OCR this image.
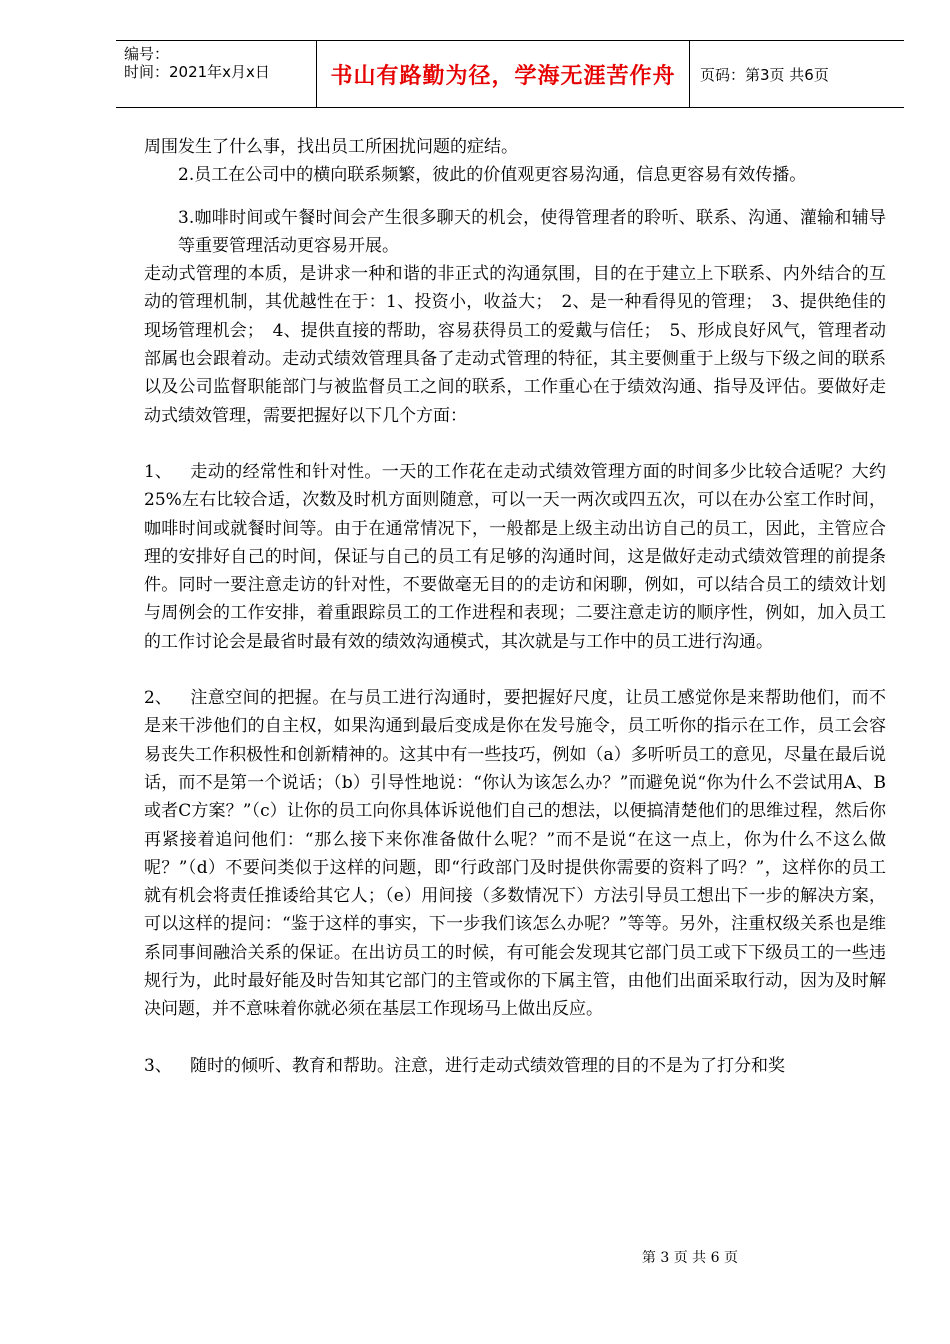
编号：
时间：2021年x月x日	书山有路勤为径，学海无涯苦作舟 页码：第3页 共6页

周围发生了什么事，找出员工所困扰问题的症结。

2.员工在公司中的横向联系频繁，彼此的价值观更容易沟通，信息更容易有效传播。

3.咖啡时间或午餐时间会产生很多聊天的机会，使得管理者的聆听、联系、沟通、灌输和辅导等重要管理活动更容易开展。

走动式管理的本质，是讲求一种和谐的非正式的沟通氛围，目的在于建立上下联系、内外结合的互动的管理机制，其优越性在于：1、投资小，收益大；　2、是一种看得见的管理；　3、提供绝佳的现场管理机会；　4、提供直接的帮助，容易获得员工的爱戴与信任；　5、形成良好风气，管理者动部属也会跟着动。走动式绩效管理具备了走动式管理的特征，其主要侧重于上级与下级之间的联系以及公司监督职能部门与被监督员工之间的联系，工作重心在于绩效沟通、指导及评估。要做好走动式绩效管理，需要把握好以下几个方面：

1、 走动的经常性和针对性。一天的工作花在走动式绩效管理方面的时间多少比较合适呢？大约25%左右比较合适，次数及时机方面则随意，可以一天一两次或四五次，可以在办公室工作时间，咖啡时间或就餐时间等。由于在通常情况下，一般都是上级主动出访自己的员工，因此，主管应合理的安排好自己的时间，保证与自己的员工有足够的沟通时间，这是做好走动式绩效管理的前提条件。同时一要注意走访的针对性，不要做毫无目的的走访和闲聊，例如，可以结合员工的绩效计划与周例会的工作安排，着重跟踪员工的工作进程和表现；二要注意走访的顺序性，例如，加入员工的工作讨论会是最省时最有效的绩效沟通模式，其次就是与工作中的员工进行沟通。

2、 注意空间的把握。在与员工进行沟通时，要把握好尺度，让员工感觉你是来帮助他们，而不是来干涉他们的自主权，如果沟通到最后变成是你在发号施令，员工听你的指示在工作，员工会容易丧失工作积极性和创新精神的。这其中有一些技巧，例如（a）多听听员工的意见，尽量在最后说话，而不是第一个说话；（b）引导性地说：“你认为该怎么办？”而避免说“你为什么不尝试用A、B或者C方案？”（c）让你的员工向你具体诉说他们自己的想法，以便搞清楚他们的思维过程，然后你再紧接着追问他们：“那么接下来你准备做什么呢？”而不是说“在这一点上，你为什么不这么做呢？”（d）不要问类似于这样的问题，即“行政部门及时提供你需要的资料了吗？”，这样你的员工就有机会将责任推诿给其它人；（e）用间接（多数情况下）方法引导员工想出下一步的解决方案，可以这样的提问：“鉴于这样的事实，下一步我们该怎么办呢？”等等。另外，注重权级关系也是维系同事间融洽关系的保证。在出访员工的时候，有可能会发现其它部门员工或下下级员工的一些违规行为，此时最好能及时告知其它部门的主管或你的下属主管，由他们出面采取行动，因为及时解决问题，并不意味着你就必须在基层工作现场马上做出反应。

3、 随时的倾听、教育和帮助。注意，进行走动式绩效管理的目的不是为了打分和奖

第 3 页 共 6 页
